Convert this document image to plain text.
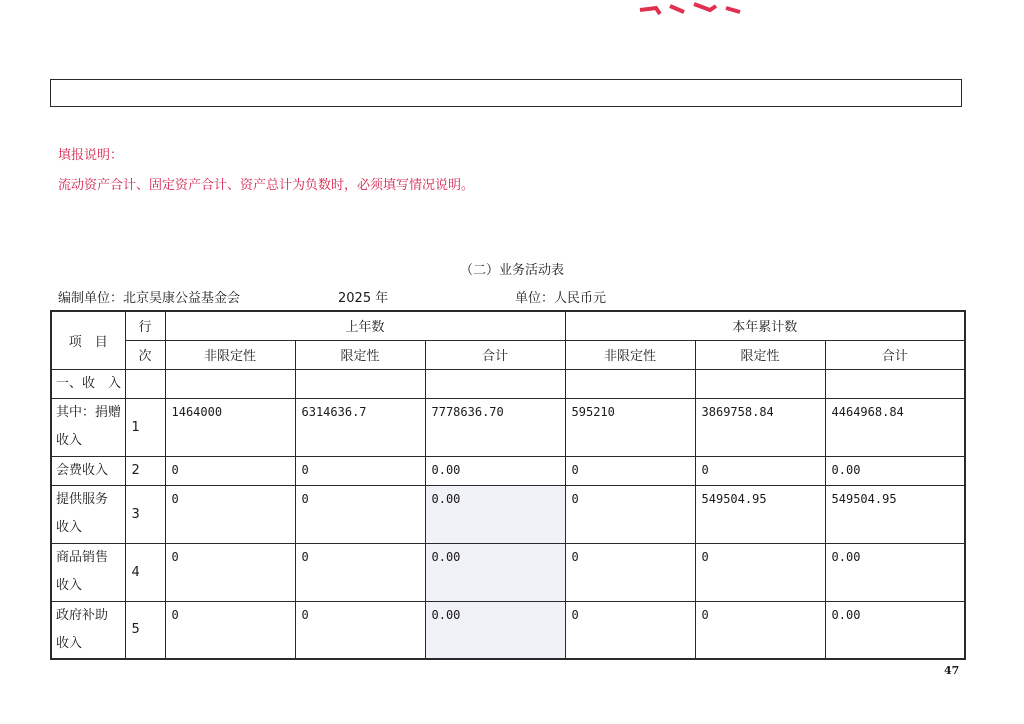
填报说明：
流动资产合计、固定资产合计、资产总计为负数时，必须填写情况说明。
（二）业务活动表
编制单位：北京昊康公益基金会	2025 年	单位：人民币元
项　目	行	上年数			本年累计数		
	次	非限定性	限定性	合计	非限定性	限定性	合计
一、收　入							

其中：捐赠
收入	1	1464000	6314636.7	7778636.70	595210	3869758.84	4464968.84
会费收入	2	0	0	0.00	0	0	0.00

提供服务
收入	3	0	0	0.00	0	549504.95	549504.95

商品销售
收入	4	0	0	0.00	0	0	0.00

政府补助
收入	5	0	0	0.00	0	0	0.00
47
